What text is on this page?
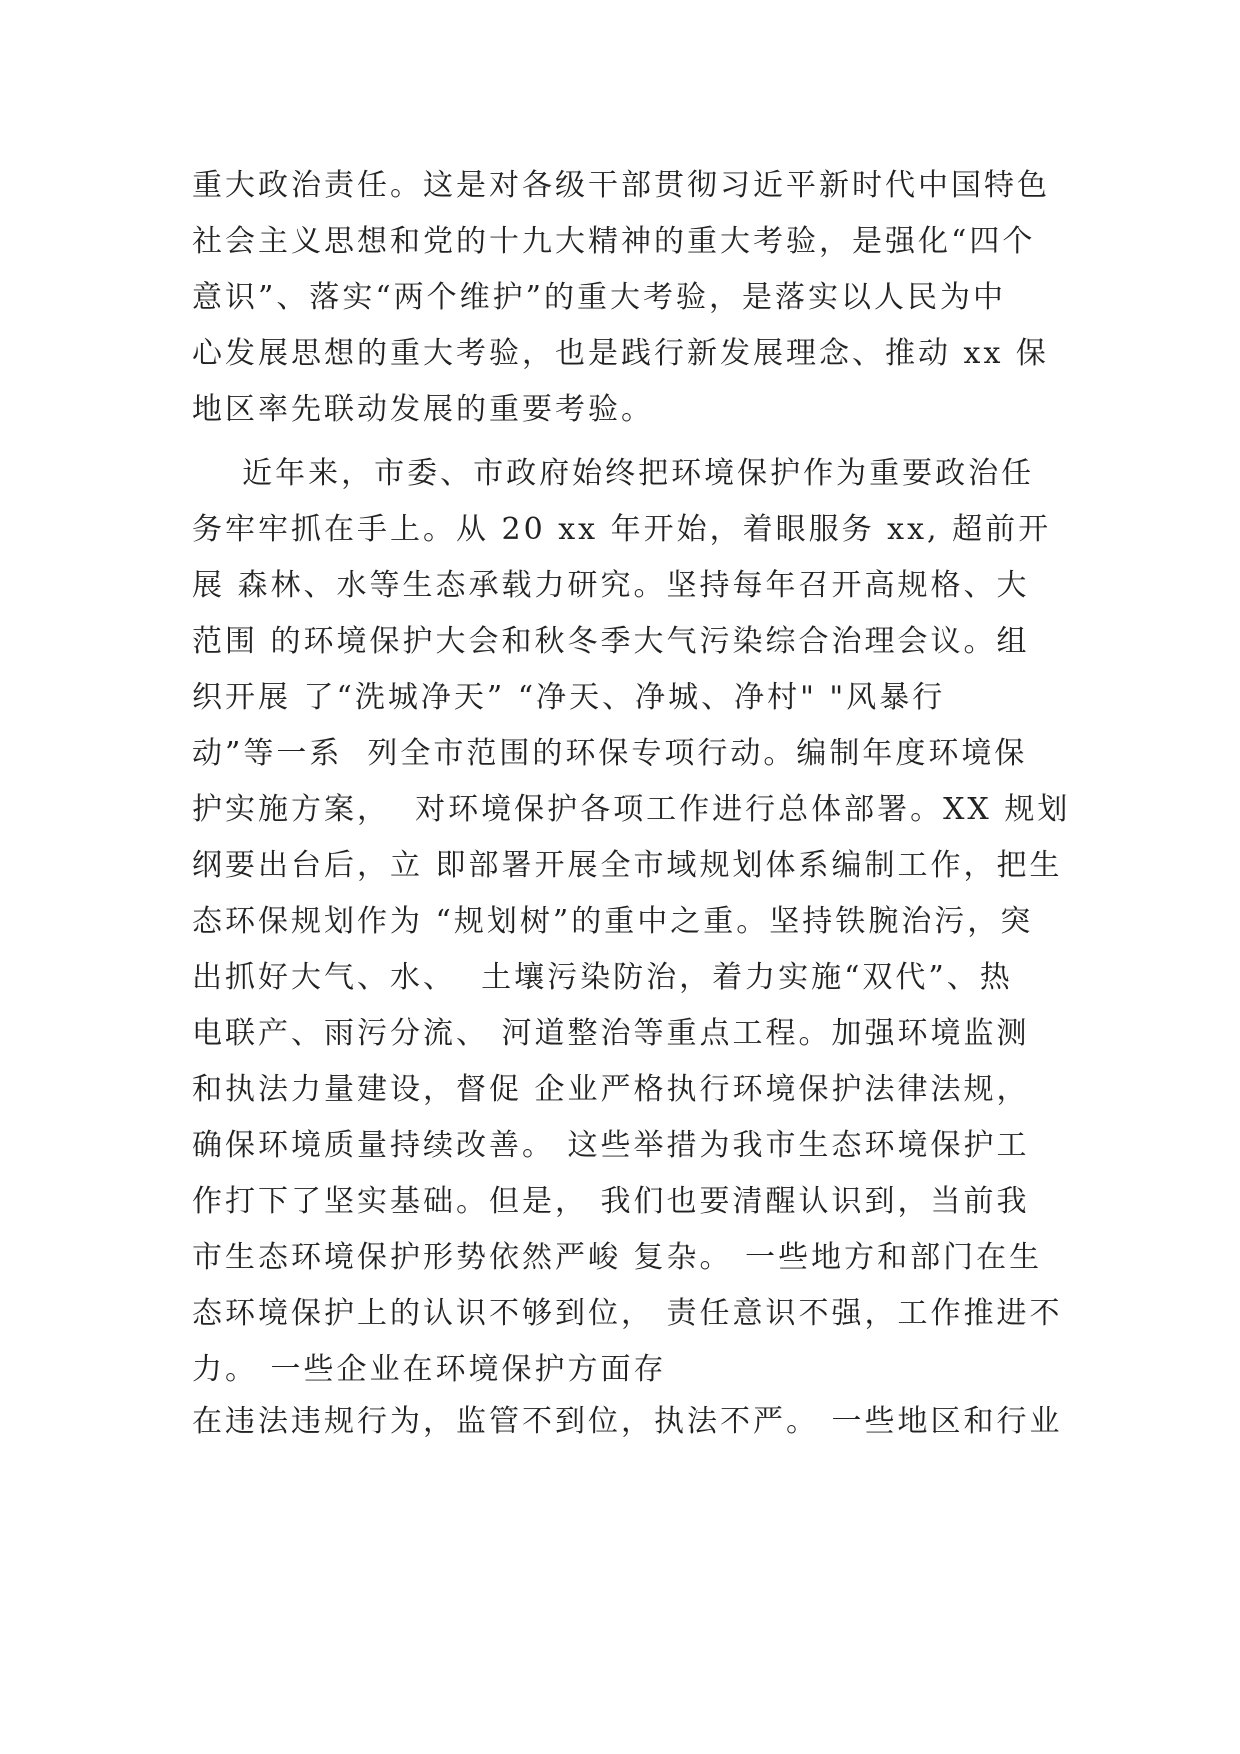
重大政治责任。这是对各级干部贯彻习近平新时代中国特色
社会主义思想和党的十九大精神的重大考验，是强化“四个
意识”、落实“两个维护”的重大考验，是落实以人民为中
心发展思想的重大考验，也是践行新发展理念、推动 xx 保
地区率先联动发展的重要考验。
近年来，市委、市政府始终把环境保护作为重要政治任
务牢牢抓在手上。从 20 xx 年开始，着眼服务 xx, 超前开
展 森林、水等生态承载力研究。坚持每年召开高规格、大
范围 的环境保护大会和秋冬季大气污染综合治理会议。组
织开展 了“洗城净天” “净天、净城、净村" "风暴行
动”等一系  列全市范围的环保专项行动。编制年度环境保
护实施方案，  对环境保护各项工作进行总体部署。XX 规划
纲要出台后，立 即部署开展全市域规划体系编制工作，把生
态环保规划作为 “规划树”的重中之重。坚持铁腕治污，突
出抓好大气、水、  土壤污染防治，着力实施“双代”、热
电联产、雨污分流、 河道整治等重点工程。加强环境监测
和执法力量建设，督促 企业严格执行环境保护法律法规，
确保环境质量持续改善。 这些举措为我市生态环境保护工
作打下了坚实基础。但是， 我们也要清醒认识到，当前我
市生态环境保护形势依然严峻 复杂。 一些地方和部门在生
态环境保护上的认识不够到位， 责任意识不强，工作推进不
力。 一些企业在环境保护方面存
在违法违规行为，监管不到位，执法不严。 一些地区和行业
